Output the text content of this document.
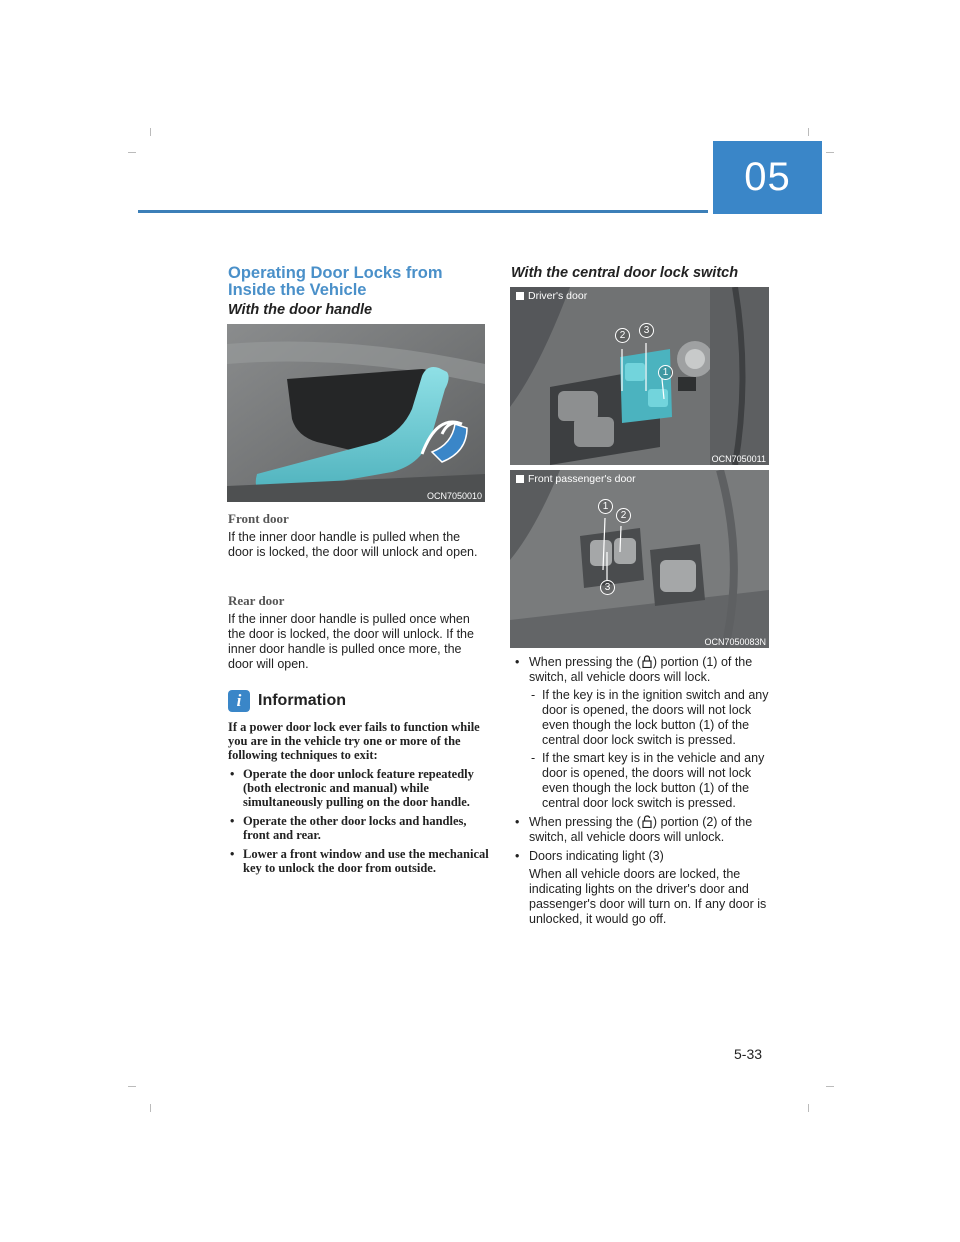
05
Operating Door Locks from
Inside the Vehicle
With the door handle
OCN7050010
Front door
If the inner door handle is pulled when the door is locked, the door will unlock and open.
Rear door
If the inner door handle is pulled once when the door is locked, the door will unlock. If the inner door handle is pulled once more, the door will open.
i	Information
If a power door lock ever fails to function while you are in the vehicle try one or more of the following techniques to exit:
• Operate the door unlock feature repeatedly (both electronic and manual) while simultaneously pulling on the door handle.
• Operate the other door locks and handles, front and rear.
• Lower a front window and use the mechanical key to unlock the door from outside.
With the central door lock switch
Driver's door
2	3
1
OCN7050011
Front passenger's door
1
2
3
OCN7050083N
• When pressing the ( ) portion (1) of the switch, all vehicle doors will lock.
- If the key is in the ignition switch and any door is opened, the doors will not lock even though the lock button (1) of the central door lock switch is pressed.
- If the smart key is in the vehicle and any door is opened, the doors will not lock even though the lock button (1) of the central door lock switch is pressed.
• When pressing the ( ) portion (2) of the switch, all vehicle doors will unlock.
• Doors indicating light (3)
When all vehicle doors are locked, the indicating lights on the driver's door and passenger's door will turn on. If any door is unlocked, it would go off.
5-33
